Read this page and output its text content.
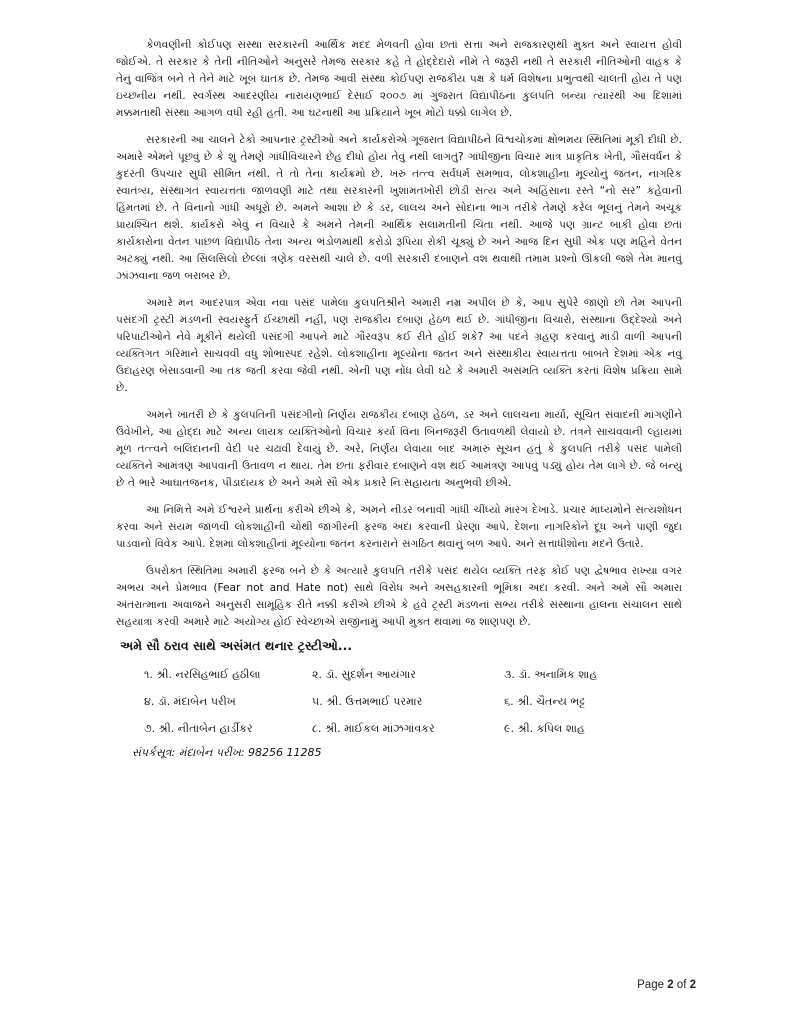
કેળવણીની કોઈપણ સંસ્થા સરકારની આર્થિક મદદ મેળવતી હોવા છતાં સત્તા અને રાજકારણથી મુક્ત અને સ્વાયત્ત હોવી જોઈએ. તે સરકાર કે તેની નીતિઓને અનુસરે તેમજ સરકાર કહે તે હોદ્દેદારો નીમે તે જરૂરી નથી તે સરકારી નીતિઓની વાહક કે તેનું વાજિંત્ર બને તે તેને માટે ખૂબ ઘાતક છે. તેમજ આવી સંસ્થા કોઈપણ રાજકીય પક્ષ કે ધર્મ વિશેષના પ્રભુત્વથી ચાલતી હોય તે પણ ઇચ્છનીય નથી. સ્વર્ગસ્થ આદરણીય નારાયણભાઈ દેસાઈ ૨૦૦૭ માં ગુજરાત વિદ્યાપીઠના કુલપતિ બન્યા ત્યારથી આ દિશામાં મક્કમતાથી સંસ્થા આગળ વધી રહી હતી. આ ઘટનાથી આ પ્રક્રિયાને ખૂબ મોટો ધક્કો લાગેલ છે.

સરકારની આ ચાલને ટેકો આપનાર ટ્રસ્ટીઓ અને કાર્યકરોએ ગૂજરાત વિદ્યાપીઠને વિશ્વચોકમાં ક્ષોભમય સ્થિતિમાં મૂકી દીધી છે. અમારે એમને પૂછવું છે કે શું તેમણે ગાંધીવિચારને છેહ દીધો હોય તેવું નથી લાગતું? ગાંધીજીના વિચાર માત્ર પ્રાકૃતિક ખેતી, ગૌસંવર્ધન કે કુદરતી ઉપચાર સુધી સીમિત નથી. તે તો તેના કાર્યક્રમો છે. ખરું તત્ત્વ સર્વધર્મ સમભાવ, લોકશાહીના મૂલ્યોનું જતન, નાગરિક સ્વાતંત્ર્ય, સંસ્થાગત સ્વાયત્તતા જાળવણી માટે તથા સરકારની ખુશામતખોરી છોડી સત્ય અને અહિંસાના રસ્તે “નો સર” કહેવાની હિંમતમાં છે. તે વિનાનો ગાંધી અધૂરો છે. અમને આશા છે કે ડર, લાલચ અને સોદાના ભાગ તરીકે તેમણે કરેલ ભૂલનું તેમને અચૂક પ્રાયશ્ચિત થશે. કાર્યકરો એવું ન વિચારે કે અમને તેમની આર્થિક સલામતીની ચિંતા નથી. આજે પણ ગ્રાન્ટ બાકી હોવા છતાં કાર્યકારોના વેતન પાછળ વિદ્યાપીઠ તેના અન્ય ભંડોળમાંથી કરોડો રૂપિયા રોકી ચૂક્યું છે અને આજ દિન સુધી એક પણ મહિને વેતન અટક્યું નથી. આ સિલસિલો છેલ્લાં ત્રણેક વરસથી ચાલે છે. વળી સરકારી દબાણને વશ થવાથી તમામ પ્રશ્નો ઊકલી જશે તેમ માનવું ઝાંઝવાના જળ બરાબર છે.

અમારે મન આદરપાત્ર એવા નવા પસંદ પામેલા કુલપતિશ્રીને અમારી નમ્ર અપીલ છે કે, આપ સુપેરે જાણો છો તેમ આપની પસંદગી ટ્રસ્ટી મંડળની સ્વયંસ્ફુર્ત ઈચ્છાથી નહીં, પણ રાજકીય દબાણ હેઠળ થઈ છે. ગાંધીજીના વિચારો, સંસ્થાના ઉદ્દેશ્યો અને પરિપાટીઓને નેવે મૂકીને થયેલી પસંદગી આપને માટે ગૌરવરૂપ કઈ રીતે હોઈ શકે? આ પદને ગ્રહણ કરવાનું માંડી વાળી આપની વ્યક્તિગત ગરિમાને સાચવવી વધુ શોભાસ્પદ રહેશે. લોકશાહીના મૂલ્યોના જતન અને સંસ્થાકીય સ્વાયત્તતા બાબતે દેશમાં એક નવું ઉદાહરણ બેસાડવાની આ તક જતી કરવા જેવી નથી. એની પણ નોંધ લેવી ઘટે કે અમારી અસંમતિ વ્યક્તિ કરતાં વિશેષ પ્રક્રિયા સામે છે.

અમને ખાતરી છે કે કુલપતિની પસંદગીનો નિર્ણય રાજકીય દબાણ હેઠળ, ડર અને લાલચના માર્યા, સૂચિત સંવાદની માંગણીને ઉવેખીને, આ હોદ્દા માટે અન્ય લાયક વ્યક્તિઓનો વિચાર કર્યા વિના બિનજરૂરી ઉતાવળથી લેવાયો છે. તંત્રને સાચવવાની લ્હાયમાં મૂળ તત્ત્વને બલિદાનની વેદી પર ચઢાવી દેવાયું છે. અરે, નિર્ણય લેવાયા બાદ અમારું સૂચન હતું કે કુલપતિ તરીકે પસંદ પામેલી વ્યક્તિને આમંત્રણ આપવાની ઉતાવળ ન થાય. તેમ છતાં ફરીવાર દબાણને વશ થઈ આમંત્રણ આપવું પડ્યું હોય તેમ લાગે છે. જે બન્યું છે તે ભારે આઘાતજનક, પીડાદાયક છે અને અમે સૌ એક પ્રકારે નિઃસહાયતા અનુભવી છીએ.

આ નિમિત્તે અમે ઈશ્વરને પ્રાર્થના કરીએ છીએ કે, અમને નીડર બનાવી ગાંધી ચીંધ્યો મારગ દેખાડે. પ્રચાર માધ્યમોને સત્યશોધન કરવા અને સંયમ જાળવી લોકશાહીની ચોથી જાગીરની ફરજ અદા કરવાની પ્રેરણા આપે. દેશના નાગરિકોને દૂધ અને પાણી જુદા પાડવાનો વિવેક આપે. દેશમાં લોકશાહીનાં મૂલ્યોના જતન કરનારાને સંગઠિત થવાનું બળ આપે. અને સત્તાધીશોના મદને ઉતારે.

ઉપરોક્ત સ્થિતિમાં અમારી ફરજ બને છે કે અત્યારે કુલપતિ તરીકે પસંદ થયેલ વ્યક્તિ તરફ કોઈ પણ દ્વેષભાવ રાખ્યા વગર અભય અને પ્રેમભાવ (Fear not and Hate not) સાથે વિરોધ અને અસહકારની ભૂમિકા અદા કરવી. અને અમે સૌ અમારા અંતરાત્માના અવાજને અનુસરી સામૂહિક રીતે નક્કી કરીએ છીએ કે હવે ટ્રસ્ટી મંડળનાં સભ્ય તરીકે સંસ્થાના હાલના સંચાલન સાથે સહયાત્રા કરવી અમારે માટે અયોગ્ય હોઈ સ્વેચ્છાએ રાજીનામું આપી મુક્ત થવામાં જ શાણપણ છે.

અમે સૌ ઠરાવ સાથે અસંમત થનાર ટ્રસ્ટીઓ...
૧. શ્રી. નરસિહભાઈ હઠીલા	૨. ડૉ. સુદર્શન આયંગાર	૩. ડૉ. અનામિક શાહ
૪. ડૉ. મંદાબેન પરીખ	૫. શ્રી. ઉત્તમભાઈ પરમાર	૬. શ્રી. ચૈતન્ય ભટ્ટ
૭. શ્રી. નીતાબેન હાર્ડીકર	૮. શ્રી. માઈકલ માંઝગાંવકર	૯. શ્રી. કપિલ શાહ
સંપર્કસૂત્ર: મંદાબેન પરીખ: 98256 11285
Page 2 of 2
